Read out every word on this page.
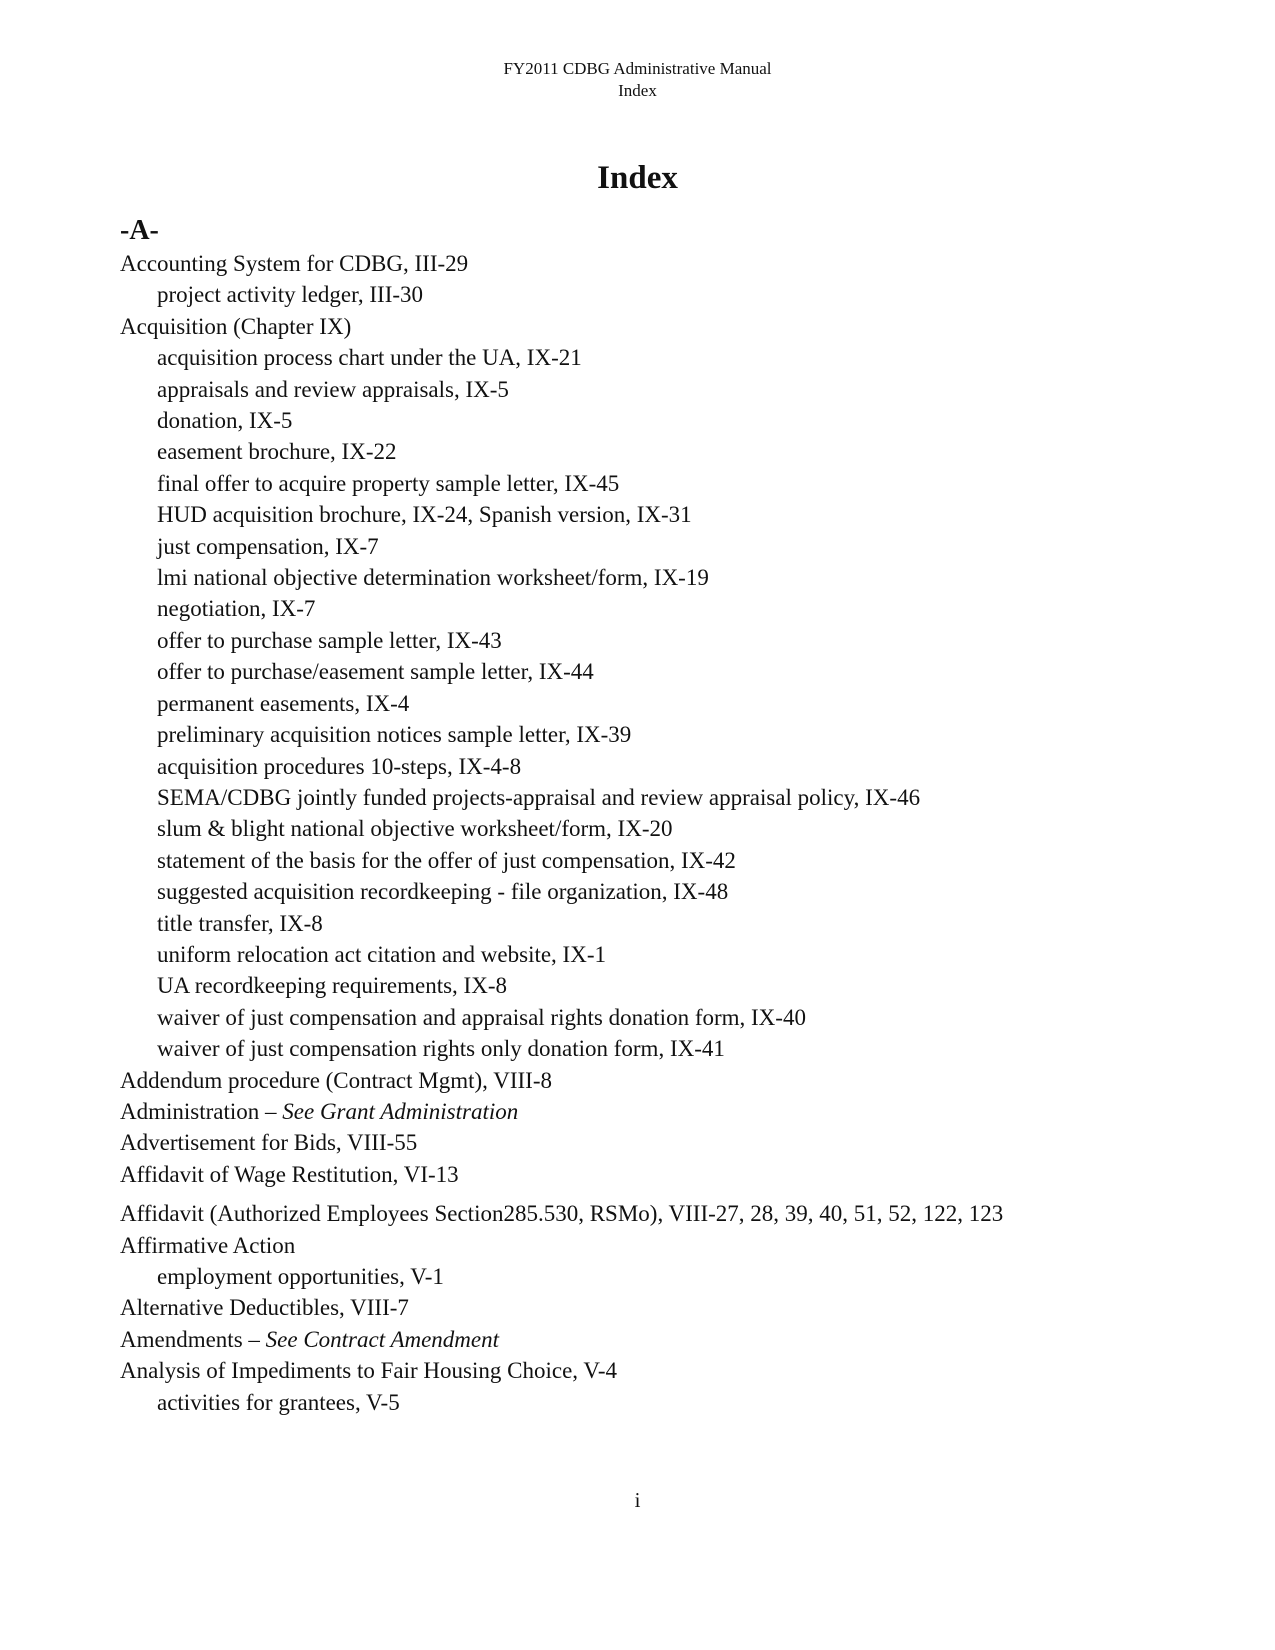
FY2011 CDBG Administrative Manual
Index
Index
-A-
Accounting System for CDBG, III-29
project activity ledger, III-30
Acquisition (Chapter IX)
acquisition process chart under the UA, IX-21
appraisals and review appraisals, IX-5
donation, IX-5
easement brochure, IX-22
final offer to acquire property sample letter, IX-45
HUD acquisition brochure, IX-24, Spanish version, IX-31
just compensation, IX-7
lmi national objective determination worksheet/form, IX-19
negotiation, IX-7
offer to purchase sample letter, IX-43
offer to purchase/easement sample letter, IX-44
permanent easements, IX-4
preliminary acquisition notices sample letter, IX-39
acquisition procedures 10-steps, IX-4-8
SEMA/CDBG jointly funded projects-appraisal and review appraisal policy, IX-46
slum & blight national objective worksheet/form, IX-20
statement of the basis for the offer of just compensation, IX-42
suggested acquisition recordkeeping - file organization, IX-48
title transfer, IX-8
uniform relocation act citation and website, IX-1
UA recordkeeping requirements, IX-8
waiver of just compensation and appraisal rights donation form, IX-40
waiver of just compensation rights only donation form, IX-41
Addendum procedure (Contract Mgmt), VIII-8
Administration – See Grant Administration
Advertisement for Bids, VIII-55
Affidavit of Wage Restitution, VI-13
Affidavit (Authorized Employees Section285.530, RSMo), VIII-27, 28, 39, 40, 51, 52, 122, 123
Affirmative Action
employment opportunities, V-1
Alternative Deductibles, VIII-7
Amendments – See Contract Amendment
Analysis of Impediments to Fair Housing Choice, V-4
activities for grantees, V-5
i
